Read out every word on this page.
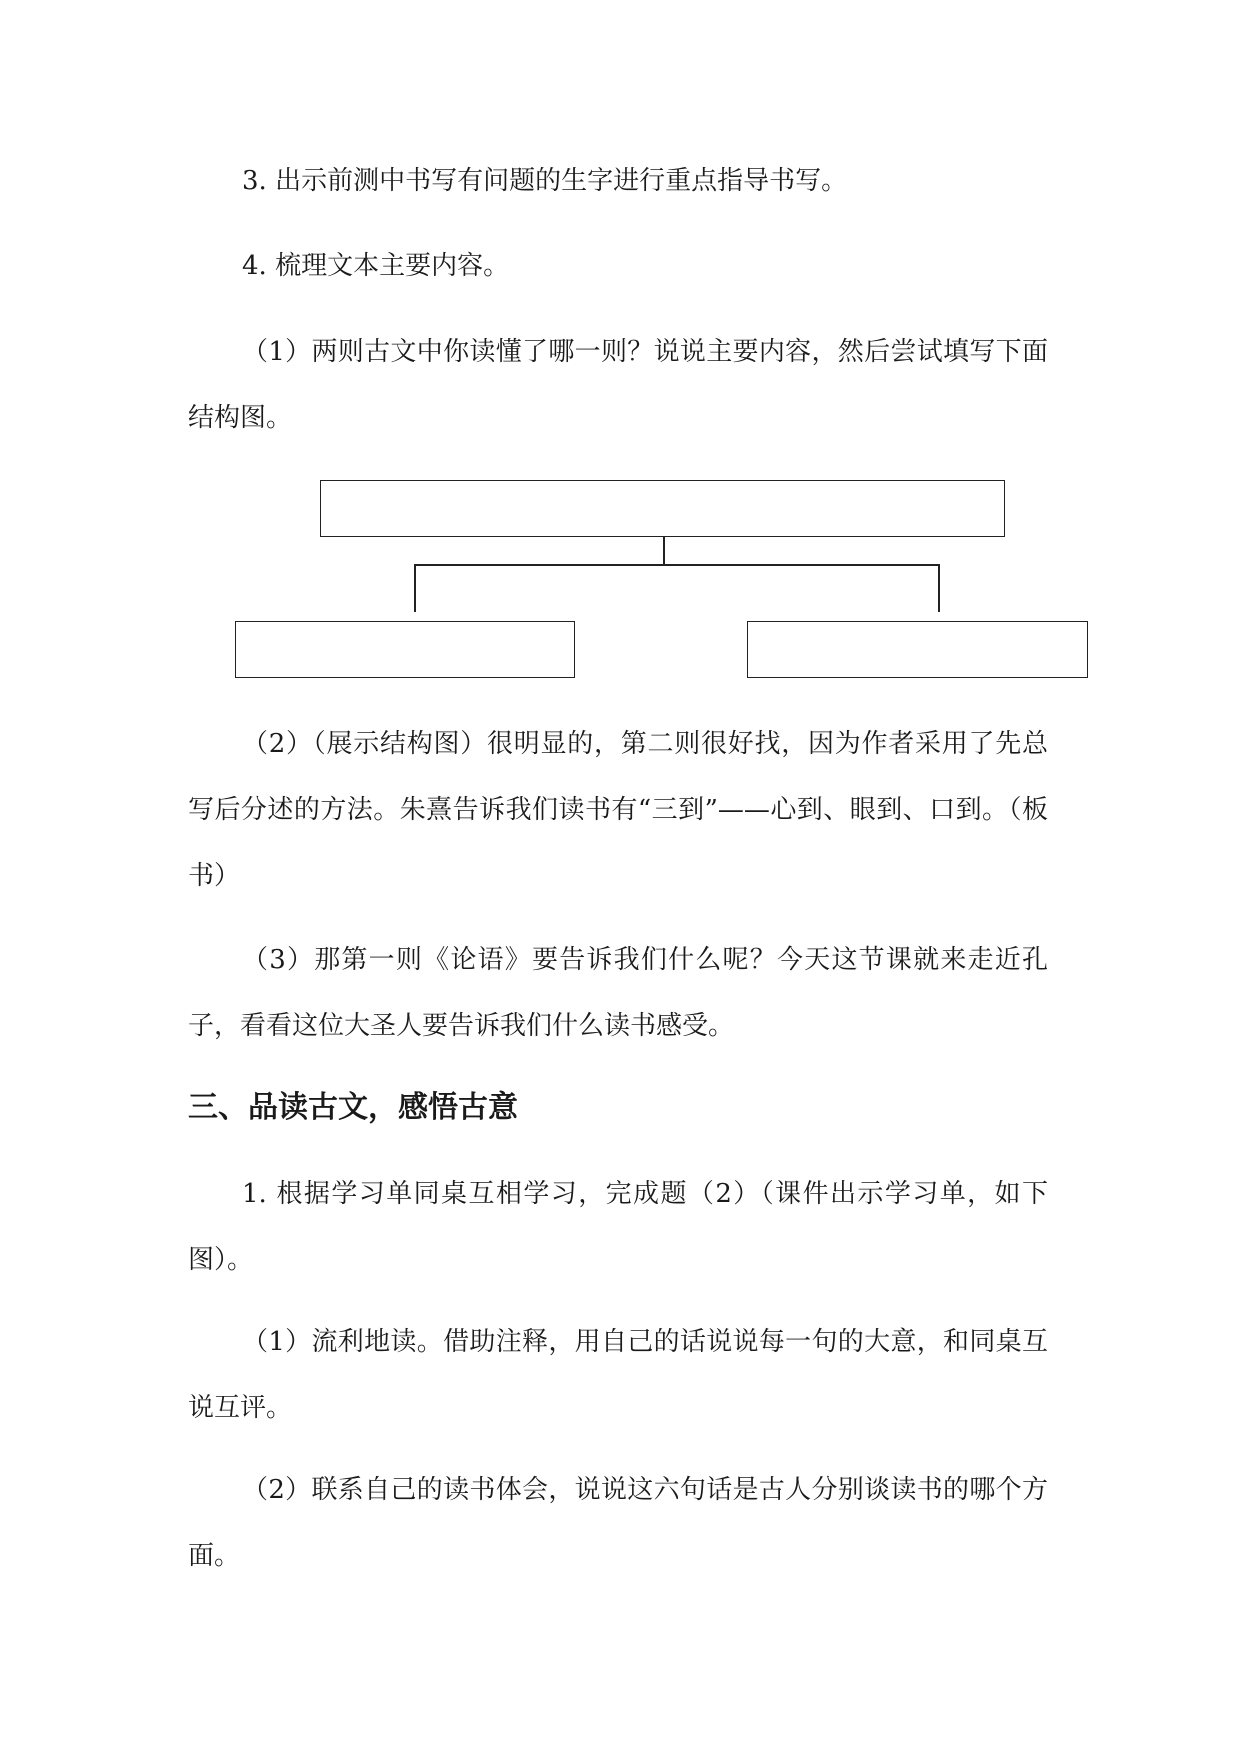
3. 出示前测中书写有问题的生字进行重点指导书写。

4. 梳理文本主要内容。

（1）两则古文中你读懂了哪一则？说说主要内容，然后尝试填写下面结构图。

（2）（展示结构图）很明显的，第二则很好找，因为作者采用了先总写后分述的方法。朱熹告诉我们读书有“三到”——心到、眼到、口到。（板书）

（3）那第一则《论语》要告诉我们什么呢？今天这节课就来走近孔子，看看这位大圣人要告诉我们什么读书感受。

三、品读古文，感悟古意

1. 根据学习单同桌互相学习，完成题（2）（课件出示学习单，如下图）。

（1）流利地读。借助注释，用自己的话说说每一句的大意，和同桌互说互评。

（2）联系自己的读书体会，说说这六句话是古人分别谈读书的哪个方面。
